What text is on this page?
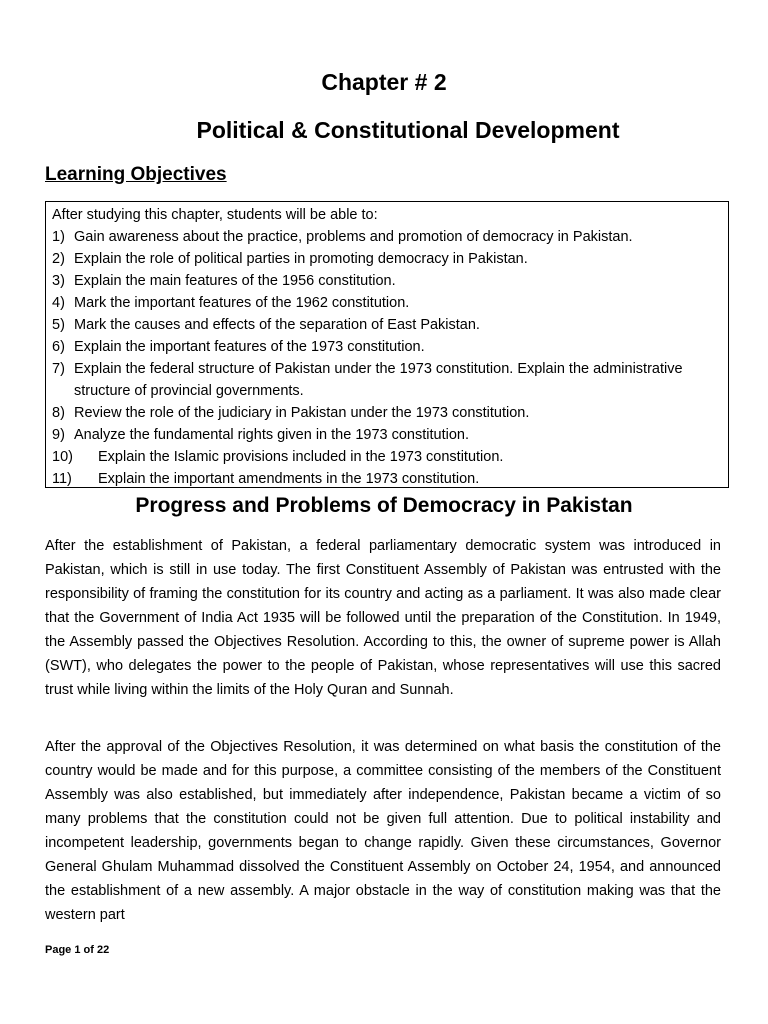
Chapter # 2
Political & Constitutional Development
Learning Objectives
After studying this chapter, students will be able to:
1) Gain awareness about the practice, problems and promotion of democracy in Pakistan.
2) Explain the role of political parties in promoting democracy in Pakistan.
3) Explain the main features of the 1956 constitution.
4) Mark the important features of the 1962 constitution.
5) Mark the causes and effects of the separation of East Pakistan.
6) Explain the important features of the 1973 constitution.
7) Explain the federal structure of Pakistan under the 1973 constitution. Explain the administrative structure of provincial governments.
8) Review the role of the judiciary in Pakistan under the 1973 constitution.
9) Analyze the fundamental rights given in the 1973 constitution.
10)	Explain the Islamic provisions included in the 1973 constitution.
11)	Explain the important amendments in the 1973 constitution.
Progress and Problems of Democracy in Pakistan

After the establishment of Pakistan, a federal parliamentary democratic system was introduced in Pakistan, which is still in use today. The first Constituent Assembly of Pakistan was entrusted with the responsibility of framing the constitution for its country and acting as a parliament. It was also made clear that the Government of India Act 1935 will be followed until the preparation of the Constitution. In 1949, the Assembly passed the Objectives Resolution. According to this, the owner of supreme power is Allah (SWT), who delegates the power to the people of Pakistan, whose representatives will use this sacred trust while living within the limits of the Holy Quran and Sunnah.

After the approval of the Objectives Resolution, it was determined on what basis the constitution of the country would be made and for this purpose, a committee consisting of the members of the Constituent Assembly was also established, but immediately after independence, Pakistan became a victim of so many problems that the constitution could not be given full attention. Due to political instability and incompetent leadership, governments began to change rapidly. Given these circumstances, Governor General Ghulam Muhammad dissolved the Constituent Assembly on October 24, 1954, and announced the establishment of a new assembly. A major obstacle in the way of constitution making was that the western part

Page 1 of 22
